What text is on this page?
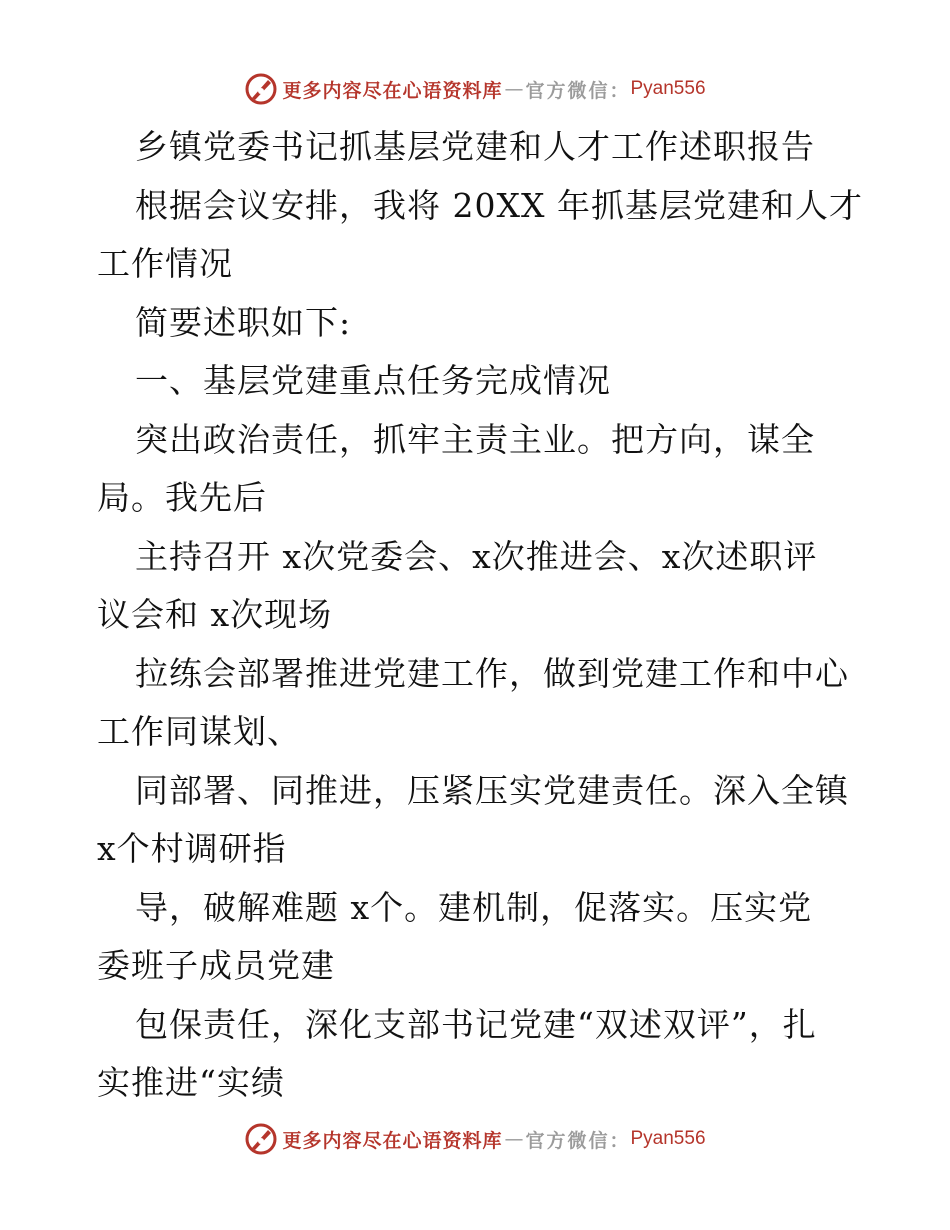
更多内容尽在心语资料库 — 官方微信： Pyan556
乡镇党委书记抓基层党建和人才工作述职报告
根据会议安排，我将 20XX 年抓基层党建和人才
工作情况
简要述职如下:
一、基层党建重点任务完成情况
突出政治责任，抓牢主责主业。把方向，谋全
局。我先后
主持召开 x次党委会、x次推进会、x次述职评
议会和 x次现场
拉练会部署推进党建工作，做到党建工作和中心
工作同谋划、
同部署、同推进，压紧压实党建责任。深入全镇
x个村调研指
导，破解难题 x个。建机制，促落实。压实党
委班子成员党建
包保责任，深化支部书记党建“双述双评”，扎
实推进“实绩
更多内容尽在心语资料库 — 官方微信： Pyan556
